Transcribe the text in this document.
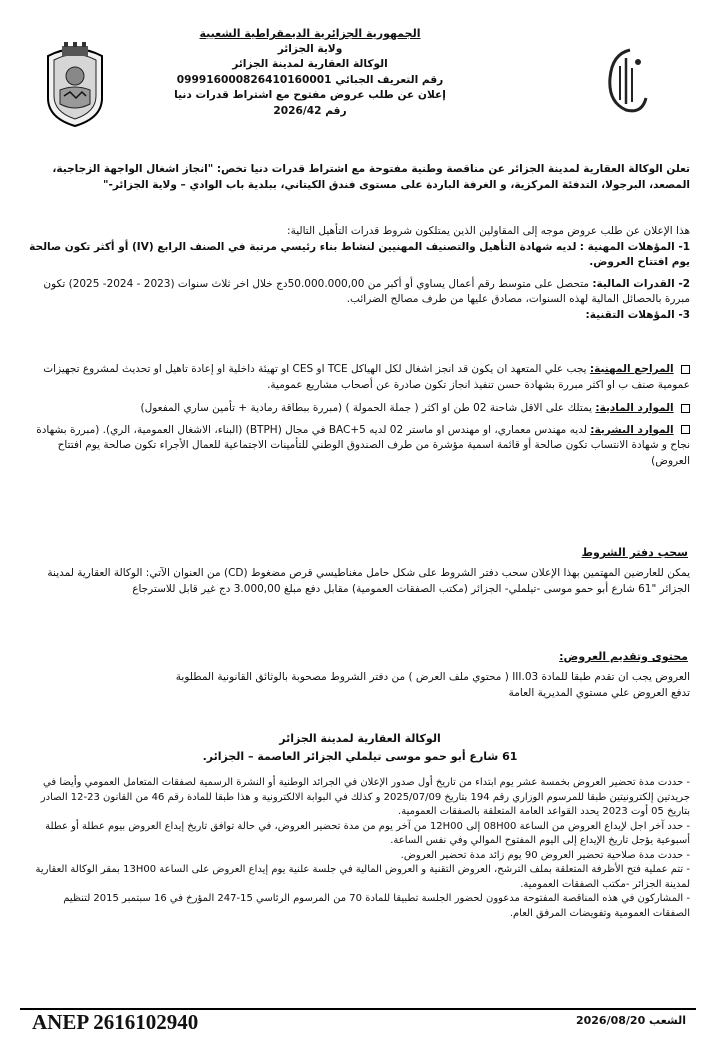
الجمهورية الجزائرية الديمقراطية الشعبية
ولاية الجزائر
الوكالة العقارية لمدينة الجزائر
رقم التعريف الجبائي 099916000826410160001
إعلان عن طلب عروض مفتوح مع اشتراط قدرات دنيا
رقم 2026/42
تعلن الوكالة العقارية لمدينة الجزائر عن مناقصة وطنية مفتوحة مع اشتراط قدرات دنيا تخص: "انجاز اشغال الواجهة الزجاجية، المصعد، البرجولا، التدفئة المركزية، و الغرفة الباردة على مستوى فندق الكيتاني، ببلدية باب الوادي – ولاية الجزائر-"
هذا الإعلان عن طلب عروض موجه إلى المقاولين الذين يمتلكون شروط قدرات التأهيل التالية:
1- المؤهلات المهنية : لديه شهادة التأهيل والتصنيف المهنيين لنشاط بناء رئيسي مرتبة في الصنف الرابع (IV) أو أكثر تكون صالحة يوم افتتاح العروض.
2- القدرات المالية: متحصل على متوسط رقم أعمال يساوي أو أكبر من 50.000.000,00دج خلال اخر ثلاث سنوات (2023 - 2024- 2025) تكون مبررة بالحصائل المالية لهذه السنوات، مصادق عليها من طرف مصالح الضرائب.
3- المؤهلات التقنية:
المراجع المهنية: يجب علي المتعهد ان يكون قد انجز اشغال لكل الهياكل TCE او CES او تهيئة داخلية او إعادة تاهيل او تحديث لمشروع تجهيزات عمومية صنف ب او اكثر مبررة بشهادة حسن تنفيذ انجاز تكون صادرة عن أصحاب مشاريع عمومية.
الموارد المادية: يمتلك على الاقل شاحنة 02 طن او اكثر ( جملة الحمولة ) (مبررة ببطاقة رمادية + تأمين ساري المفعول)
الموارد البشرية: لديه مهندس معماري، او مهندس او ماستر 02 لديه BAC+5 في مجال (BTPH) (البناء، الاشغال العمومية، الري). (مبررة بشهادة نجاح و شهادة الانتساب تكون صالحة أو قائمة اسمية مؤشرة من طرف الصندوق الوطني للتأمينات الاجتماعية للعمال الأجراء تكون صالحة يوم افتتاح العروض)
سحب دفتر الشروط
يمكن للعارضين المهتمين بهذا الإعلان سحب دفتر الشروط على شكل حامل مغناطيسي قرص مضغوط (CD) من العنوان الآتي: الوكالة العقارية لمدينة الجزائر "61 شارع أبو حمو موسى -تيلملي- الجزائر (مكتب الصفقات العمومية) مقابل دفع مبلغ 3.000,00 دج غير قابل للاسترجاع
محتوى وتقديم العروض:
العروض يجب ان تقدم طبقا للمادة III.03 ( محتوي ملف العرض ) من دفتر الشروط مصحوبة بالوثائق القانونية المطلوبة
تدفع العروض علي مستوي المديرية العامة
الوكالة العقارية لمدينة الجزائر
61 شارع أبو حمو موسى تيلملي الجزائر العاصمة – الجزائر.
- حددت مدة تحضير العروض بخمسة عشر يوم ابتداء من تاريخ أول صدور الإعلان في الجرائد الوطنية أو النشرة الرسمية لصفقات المتعامل العمومي وأيضا في جريدتين إلكترونيتين طبقا للمرسوم الوزاري رقم 194 بتاريخ 2025/07/09 و كذلك في البوابة الالكترونية و هذا طبقا للمادة رقم 46 من القانون 23-12 الصادر بتاريخ 05 أوت 2023 يحدد القواعد العامة المتعلقة بالصفقات العمومية.
- حدد آخر اجل لإيداع العروض من الساعة 08H00 إلى 12H00 من آخر يوم من مدة تحضير العروض، في حالة توافق تاريخ إيداع العروض بيوم عطلة أو عطلة أسبوعية يؤجل تاريخ الإيداع إلى اليوم المفتوح الموالي وفي نفس الساعة.
- حددت مدة صلاحية تحضير العروض 90 يوم زائد مدة تحضير العروض.
- تتم عملية فتح الأظرفة المتعلقة بملف الترشح، العروض التقنية و العروض المالية في جلسة علنية يوم إيداع العروض على الساعة 13H00 بمقر الوكالة العقارية لمدينة الجزائر -مكتب الصفقات العمومية.
- المشاركون في هذه المناقصة المفتوحة مدعوون لحضور الجلسة تطبيقا للمادة 70 من المرسوم الرئاسي 15-247 المؤرخ في 16 سبتمبر 2015 لتنظيم الصفقات العمومية وتفويضات المرفق العام.
ANEP 2616102940	الشعب 2026/08/20
